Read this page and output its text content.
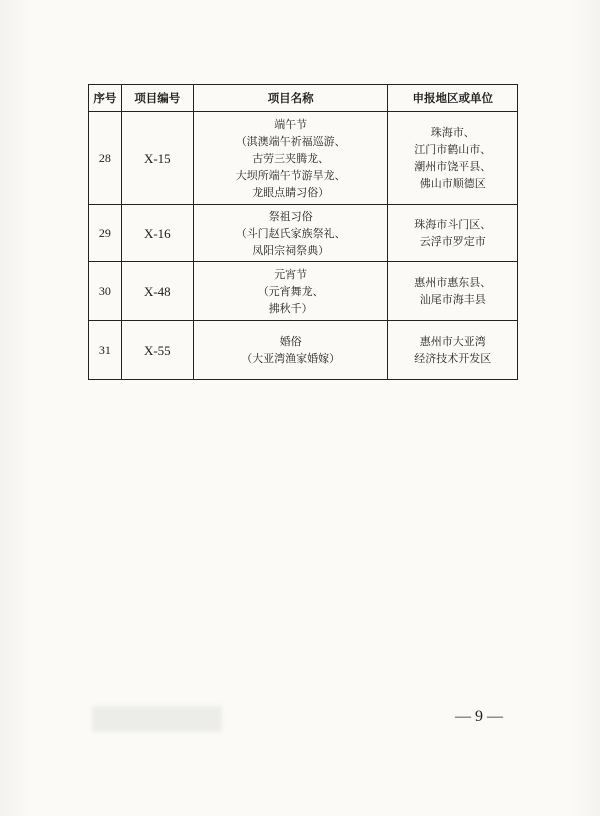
序号	项目编号	项目名称	申报地区或单位
28	X-15	端午节
（淇澳端午祈福巡游、
古劳三夹腾龙、
大坝所端午节游旱龙、
龙眼点睛习俗）	珠海市、
江门市鹤山市、
潮州市饶平县、
佛山市顺德区

29	X-16	祭祖习俗
（斗门赵氏家族祭礼、
凤阳宗祠祭典）	珠海市斗门区、
云浮市罗定市

30	X-48	元宵节
（元宵舞龙、
拂秋千）	惠州市惠东县、
汕尾市海丰县

31	X-55	婚俗
（大亚湾渔家婚嫁）	惠州市大亚湾
经济技术开发区
— 9 —
